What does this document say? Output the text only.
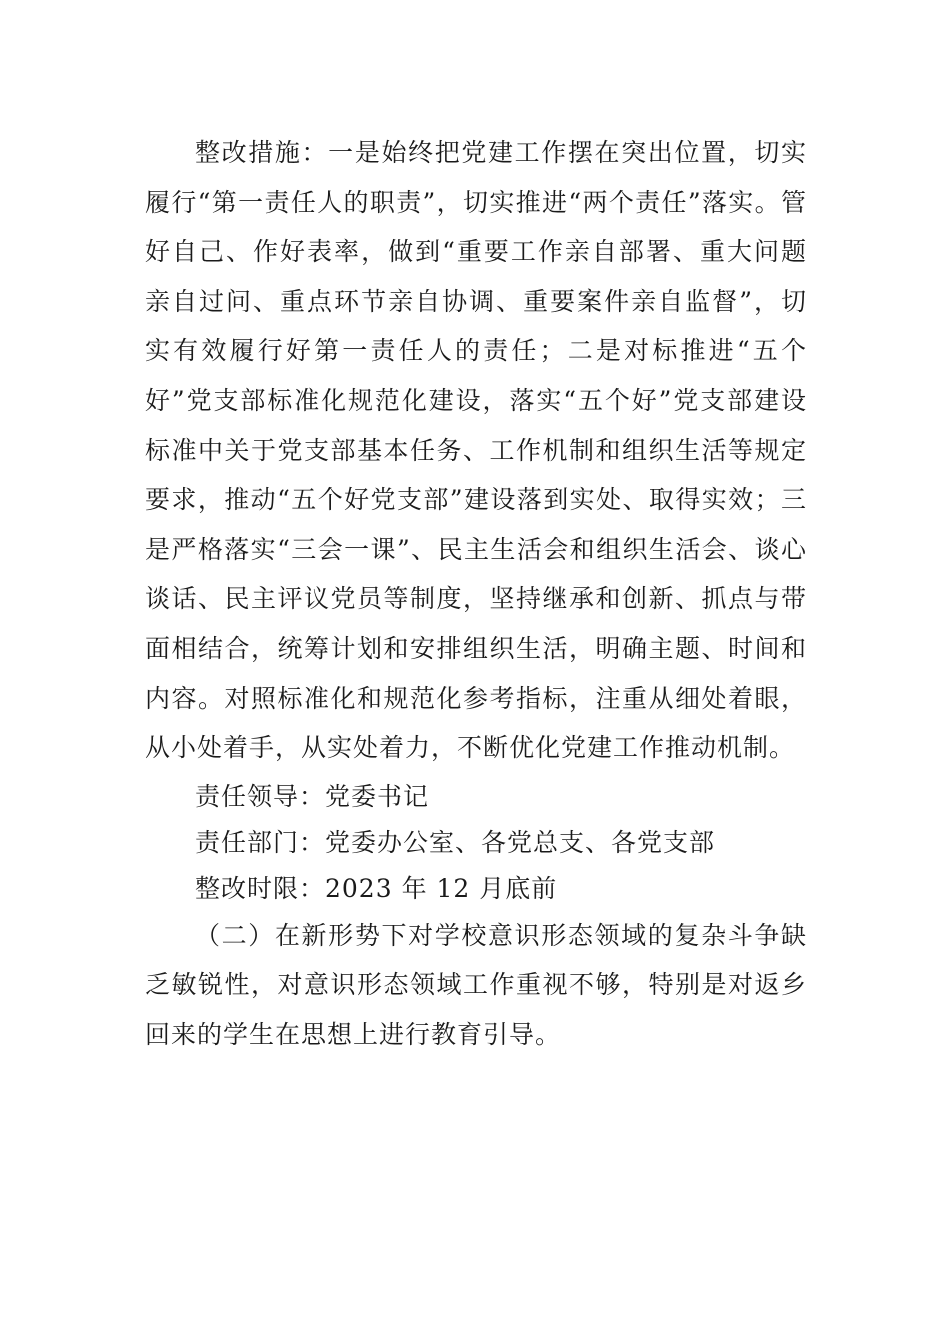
整改措施：一是始终把党建工作摆在突出位置，切实履行“第一责任人的职责”，切实推进“两个责任”落实。管好自己、作好表率，做到“重要工作亲自部署、重大问题亲自过问、重点环节亲自协调、重要案件亲自监督”，切实有效履行好第一责任人的责任；二是对标推进“五个好”党支部标准化规范化建设，落实“五个好”党支部建设标准中关于党支部基本任务、工作机制和组织生活等规定要求，推动“五个好党支部”建设落到实处、取得实效；三是严格落实“三会一课”、民主生活会和组织生活会、谈心谈话、民主评议党员等制度，坚持继承和创新、抓点与带面相结合，统筹计划和安排组织生活，明确主题、时间和内容。对照标准化和规范化参考指标，注重从细处着眼，从小处着手，从实处着力，不断优化党建工作推动机制。

责任领导：党委书记

责任部门：党委办公室、各党总支、各党支部

整改时限：2023 年 12 月底前

（二）在新形势下对学校意识形态领域的复杂斗争缺乏敏锐性，对意识形态领域工作重视不够，特别是对返乡回来的学生在思想上进行教育引导。
